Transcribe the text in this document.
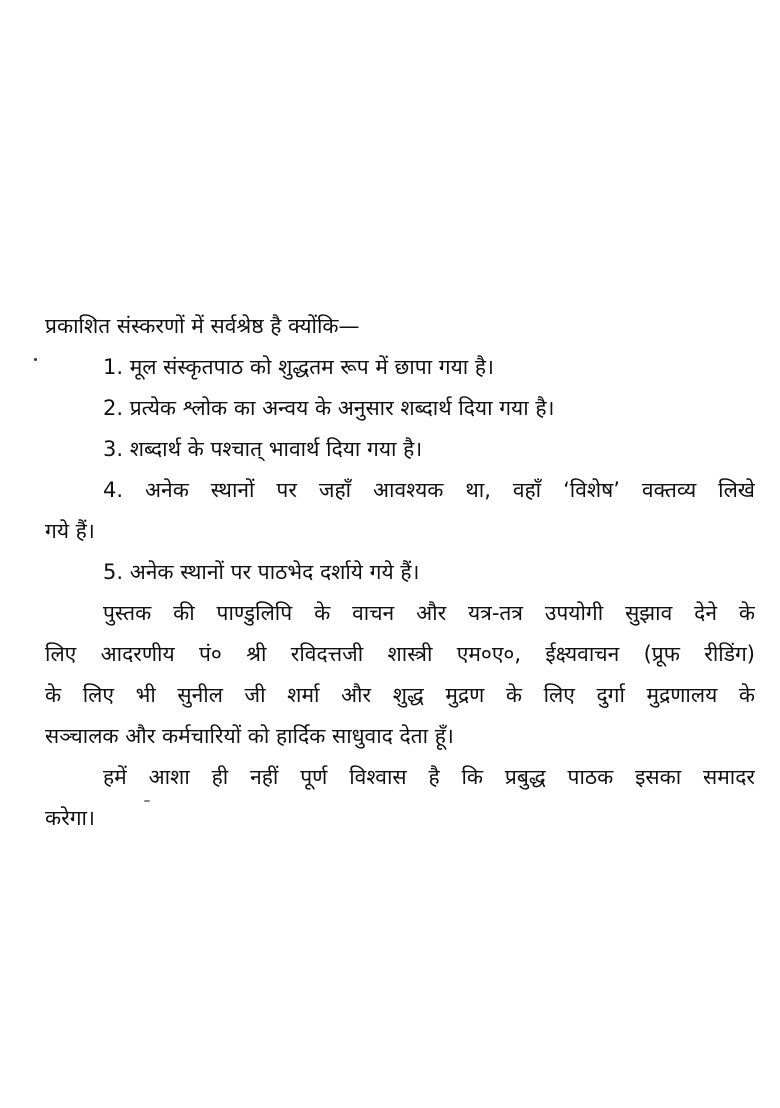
प्रकाशित संस्करणों में सर्वश्रेष्ठ है क्योंकि—
1. मूल संस्कृतपाठ को शुद्धतम रूप में छापा गया है।
2. प्रत्येक श्लोक का अन्वय के अनुसार शब्दार्थ दिया गया है।
3. शब्दार्थ के पश्चात् भावार्थ दिया गया है।
4. अनेक स्थानों पर जहाँ आवश्यक था, वहाँ ‘विशेष’ वक्तव्य लिखे
गये हैं।
5. अनेक स्थानों पर पाठभेद दर्शाये गये हैं।
पुस्तक की पाण्डुलिपि के वाचन और यत्र-तत्र उपयोगी सुझाव देने के
लिए आदरणीय पं० श्री रविदत्तजी शास्त्री एम०ए०, ईक्ष्यवाचन (प्रूफ रीडिंग)
के लिए भी सुनील जी शर्मा और शुद्ध मुद्रण के लिए दुर्गा मुद्रणालय के
सञ्चालक और कर्मचारियों को हार्दिक साधुवाद देता हूँ।
हमें आशा ही नहीं पूर्ण विश्वास है कि प्रबुद्ध पाठक इसका समादर
करेगा।
